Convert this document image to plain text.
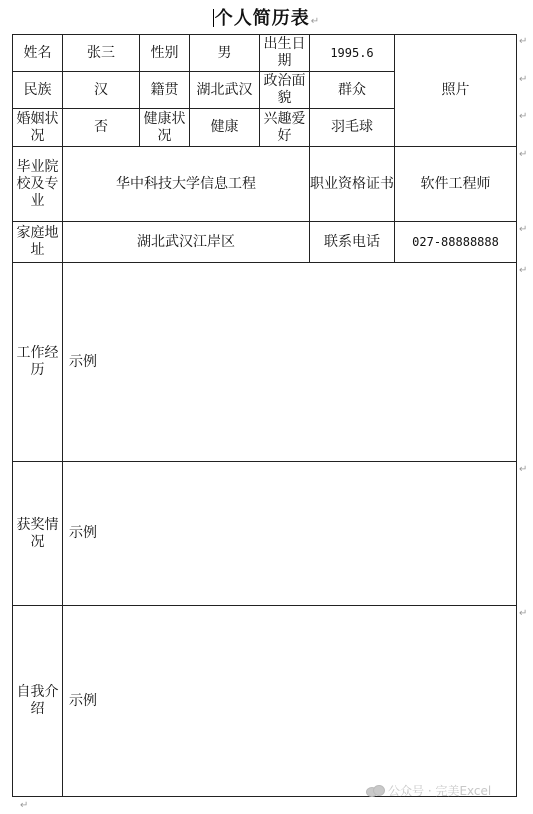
个人简历表↵
姓名	张三	性别	男	出生日期	1995.6	照片
民族	汉	籍贯	湖北武汉	政治面貌	群众	
婚姻状况	否	健康状况	健康	兴趣爱好	羽毛球	
毕业院校及专业	华中科技大学信息工程				职业资格证书	软件工程师
家庭地址	湖北武汉江岸区				联系电话	027-88888888
工作经历	示例					
获奖情况	示例					
自我介绍	示例					
↵
↵
↵
↵
↵
↵
↵
↵
↵
公众号 · 完美Excel
